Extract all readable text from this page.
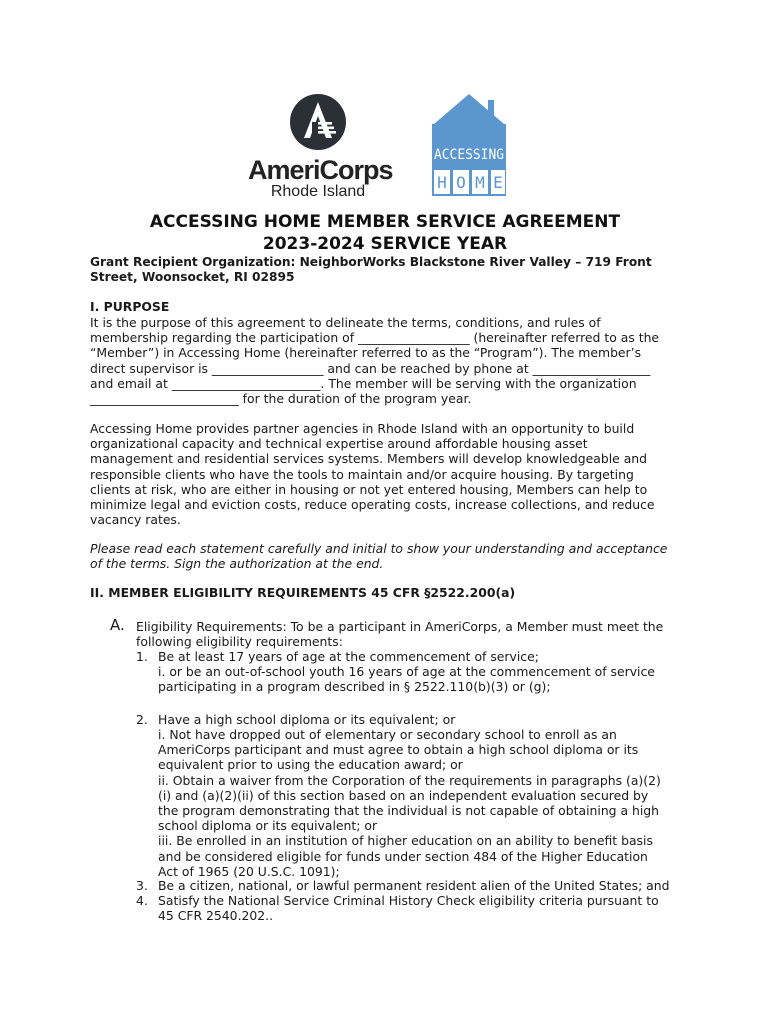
AmeriCorps
Rhode Island
ACCESSING
H O M E
ACCESSING HOME MEMBER SERVICE AGREEMENT
2023-2024 SERVICE YEAR

Grant Recipient Organization: NeighborWorks Blackstone River Valley – 719 Front
Street, Woonsocket, RI 02895

I. PURPOSE

It is the purpose of this agreement to delineate the terms, conditions, and rules of
membership regarding the participation of __________________ (hereinafter referred to as the
“Member”) in Accessing Home (hereinafter referred to as the “Program”). The member’s
direct supervisor is __________________ and can be reached by phone at ___________________
and email at ________________________. The member will be serving with the organization
________________________ for the duration of the program year.

Accessing Home provides partner agencies in Rhode Island with an opportunity to build
organizational capacity and technical expertise around affordable housing asset
management and residential services systems. Members will develop knowledgeable and
responsible clients who have the tools to maintain and/or acquire housing. By targeting
clients at risk, who are either in housing or not yet entered housing, Members can help to
minimize legal and eviction costs, reduce operating costs, increase collections, and reduce
vacancy rates.

Please read each statement carefully and initial to show your understanding and acceptance
of the terms. Sign the authorization at the end.

II. MEMBER ELIGIBILITY REQUIREMENTS 45 CFR §2522.200(a)

A. Eligibility Requirements: To be a participant in AmeriCorps, a Member must meet the
following eligibility requirements:

1. Be at least 17 years of age at the commencement of service;

i. or be an out-of-school youth 16 years of age at the commencement of service
participating in a program described in § 2522.110(b)(3) or (g);

2. Have a high school diploma or its equivalent; or

i. Not have dropped out of elementary or secondary school to enroll as an
AmeriCorps participant and must agree to obtain a high school diploma or its
equivalent prior to using the education award; or
ii. Obtain a waiver from the Corporation of the requirements in paragraphs (a)(2)
(i) and (a)(2)(ii) of this section based on an independent evaluation secured by
the program demonstrating that the individual is not capable of obtaining a high
school diploma or its equivalent; or
iii. Be enrolled in an institution of higher education on an ability to benefit basis
and be considered eligible for funds under section 484 of the Higher Education
Act of 1965 (20 U.S.C. 1091);

3. Be a citizen, national, or lawful permanent resident alien of the United States; and

4. Satisfy the National Service Criminal History Check eligibility criteria pursuant to
45 CFR 2540.202..
